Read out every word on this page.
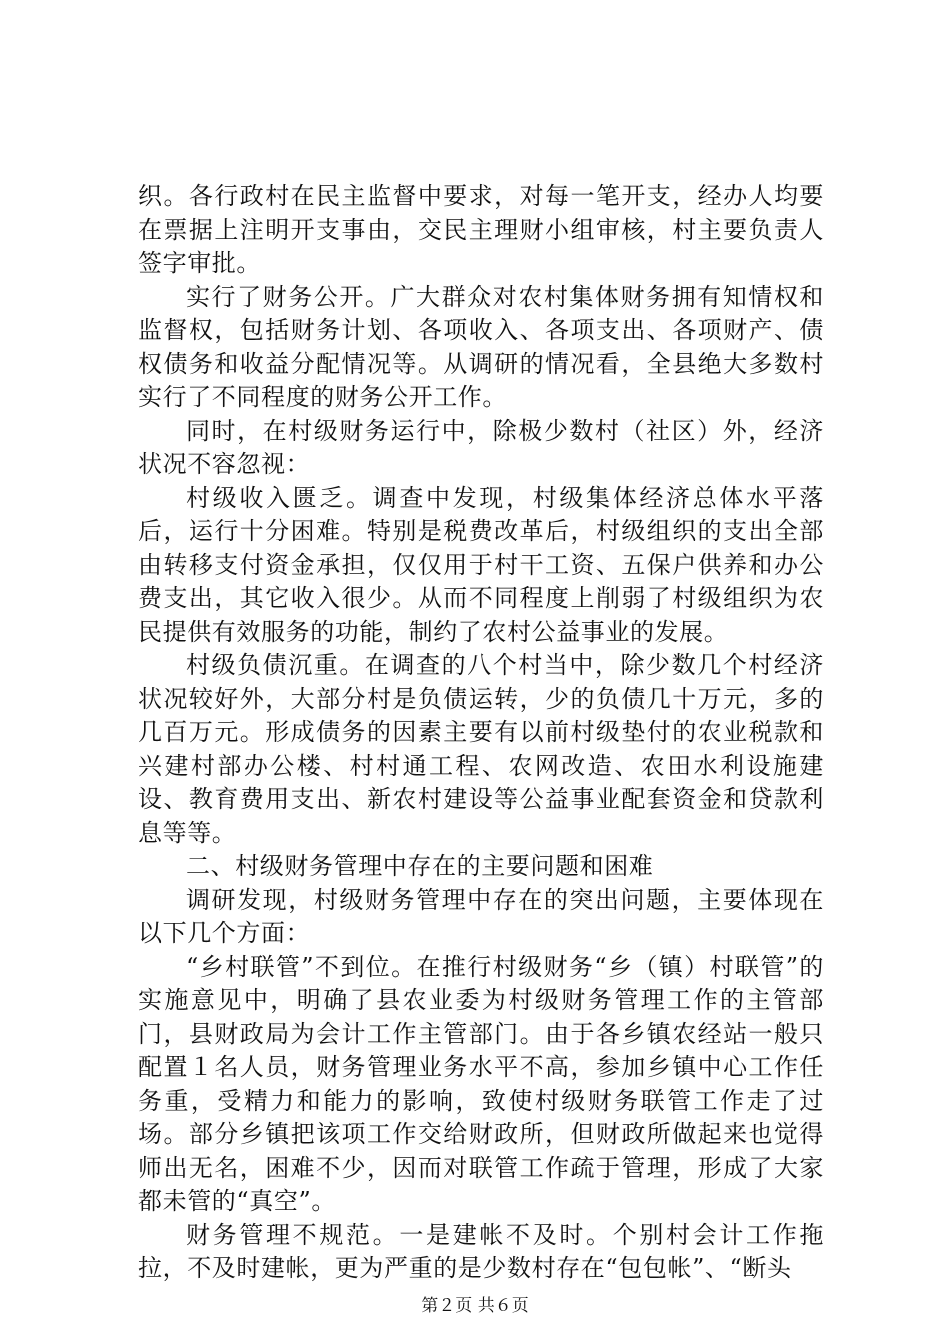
织。各行政村在民主监督中要求，对每一笔开支，经办人均要在票据上注明开支事由，交民主理财小组审核，村主要负责人签字审批。

实行了财务公开。广大群众对农村集体财务拥有知情权和监督权，包括财务计划、各项收入、各项支出、各项财产、债权债务和收益分配情况等。从调研的情况看，全县绝大多数村实行了不同程度的财务公开工作。

同时，在村级财务运行中，除极少数村（社区）外，经济状况不容忽视：

村级收入匮乏。调查中发现，村级集体经济总体水平落后，运行十分困难。特别是税费改革后，村级组织的支出全部由转移支付资金承担，仅仅用于村干工资、五保户供养和办公费支出，其它收入很少。从而不同程度上削弱了村级组织为农民提供有效服务的功能，制约了农村公益事业的发展。

村级负债沉重。在调查的八个村当中，除少数几个村经济状况较好外，大部分村是负债运转，少的负债几十万元，多的几百万元。形成债务的因素主要有以前村级垫付的农业税款和兴建村部办公楼、村村通工程、农网改造、农田水利设施建设、教育费用支出、新农村建设等公益事业配套资金和贷款利息等等。

二、村级财务管理中存在的主要问题和困难

调研发现，村级财务管理中存在的突出问题，主要体现在以下几个方面：

“乡村联管”不到位。在推行村级财务“乡（镇）村联管”的实施意见中，明确了县农业委为村级财务管理工作的主管部门，县财政局为会计工作主管部门。由于各乡镇农经站一般只配置１名人员，财务管理业务水平不高，参加乡镇中心工作任务重，受精力和能力的影响，致使村级财务联管工作走了过场。部分乡镇把该项工作交给财政所，但财政所做起来也觉得师出无名，困难不少，因而对联管工作疏于管理，形成了大家都未管的“真空”。

财务管理不规范。一是建帐不及时。个别村会计工作拖拉，不及时建帐，更为严重的是少数村存在“包包帐”、“断头

第２页 共６页
